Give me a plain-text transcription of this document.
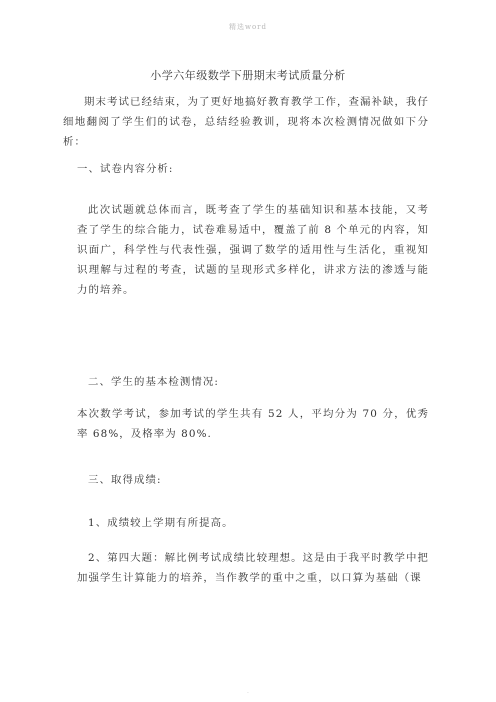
精选word
小学六年级数学下册期末考试质量分析
期末考试已经结束，为了更好地搞好教育教学工作，查漏补缺，我仔细地翻阅了学生们的试卷，总结经验教训，现将本次检测情况做如下分析：
一、试卷内容分析:
此次试题就总体而言，既考查了学生的基础知识和基本技能，又考查了学生的综合能力，试卷难易适中，覆盖了前 8 个单元的内容，知识面广，科学性与代表性强，强调了数学的适用性与生活化，重视知识理解与过程的考查，试题的呈现形式多样化，讲求方法的渗透与能力的培养。
二、学生的基本检测情况:
本次数学考试，参加考试的学生共有 52 人，平均分为 70 分，优秀率 68%，及格率为 80%.
三、取得成绩:
1、成绩较上学期有所提高。
2、第四大题：解比例考试成绩比较理想。这是由于我平时教学中把加强学生计算能力的培养，当作教学的重中之重，以口算为基础（课
.
